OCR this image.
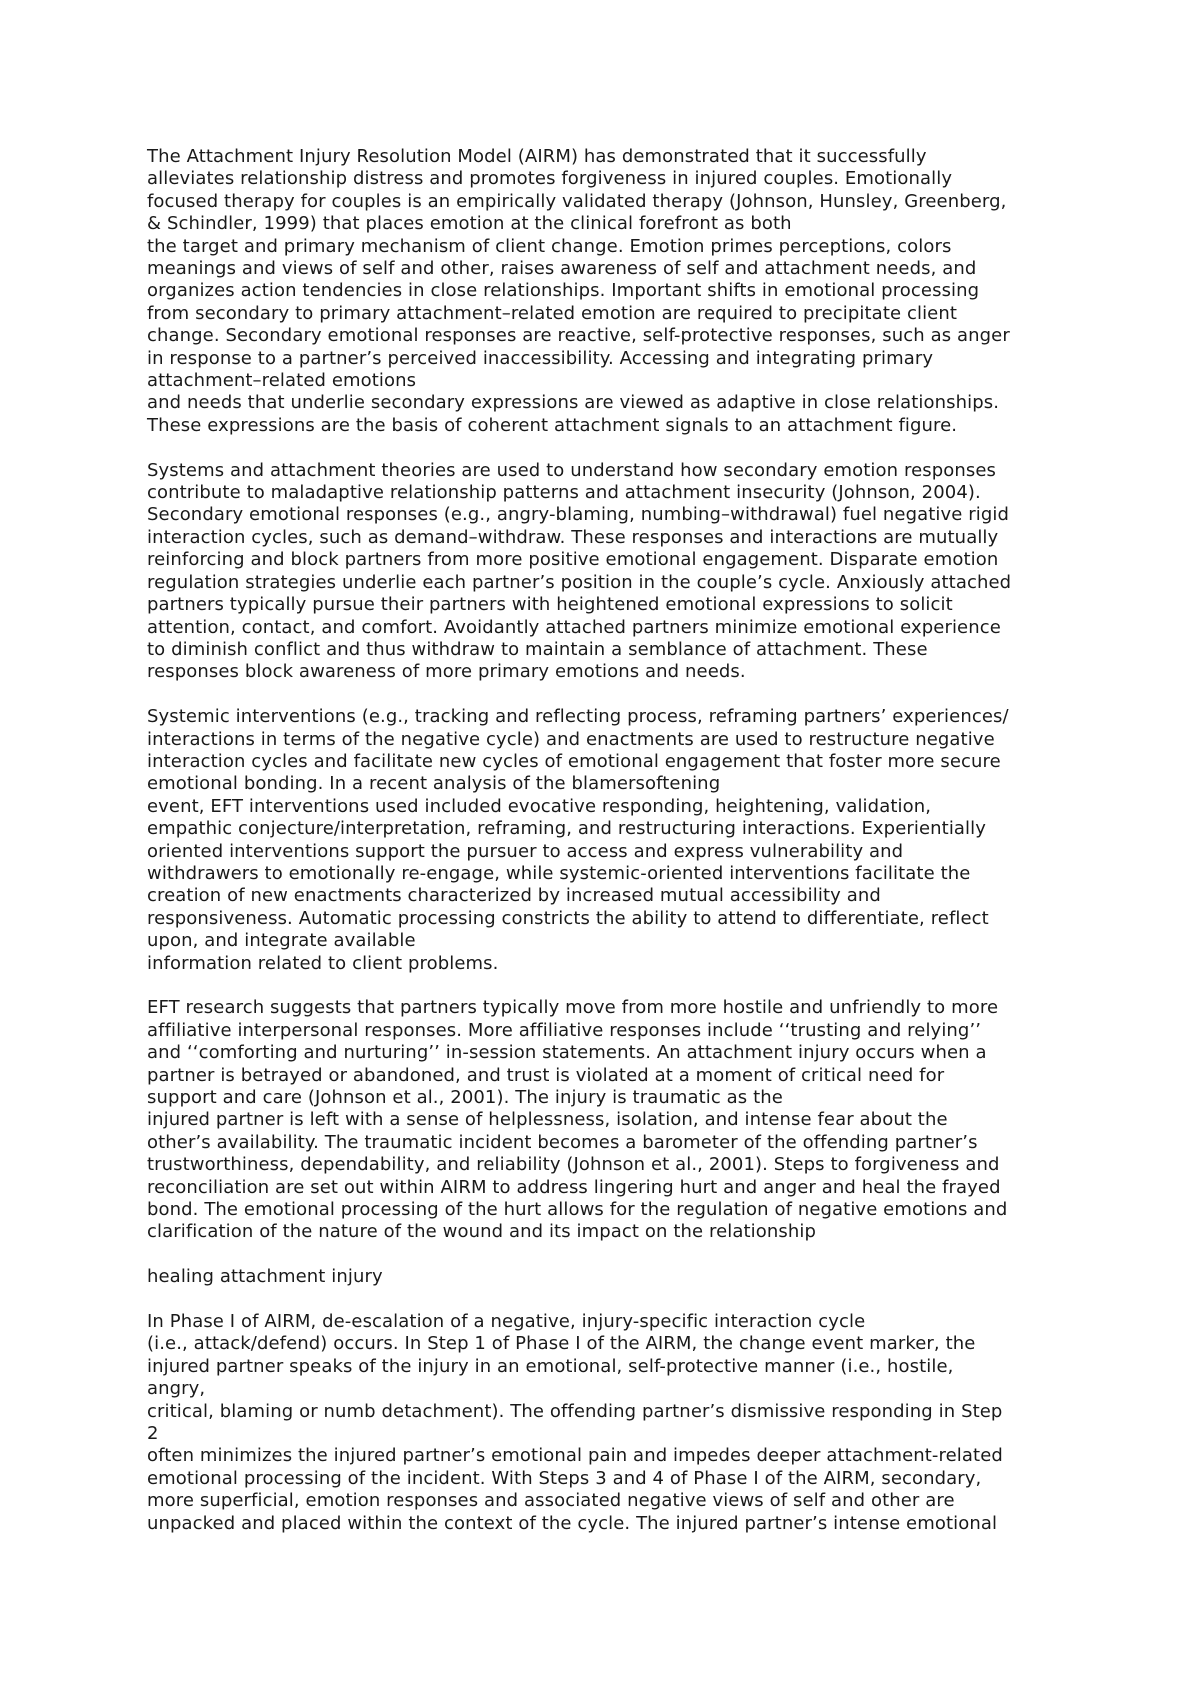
The Attachment Injury Resolution Model (AIRM) has demonstrated that it successfully
alleviates relationship distress and promotes forgiveness in injured couples. Emotionally
focused therapy for couples is an empirically validated therapy (Johnson, Hunsley, Greenberg,
& Schindler, 1999) that places emotion at the clinical forefront as both
the target and primary mechanism of client change. Emotion primes perceptions, colors
meanings and views of self and other, raises awareness of self and attachment needs, and
organizes action tendencies in close relationships. Important shifts in emotional processing
from secondary to primary attachment–related emotion are required to precipitate client
change. Secondary emotional responses are reactive, self-protective responses, such as anger
in response to a partner’s perceived inaccessibility. Accessing and integrating primary
attachment–related emotions
and needs that underlie secondary expressions are viewed as adaptive in close relationships.
These expressions are the basis of coherent attachment signals to an attachment figure.
Systems and attachment theories are used to understand how secondary emotion responses
contribute to maladaptive relationship patterns and attachment insecurity (Johnson, 2004).
Secondary emotional responses (e.g., angry-blaming, numbing–withdrawal) fuel negative rigid
interaction cycles, such as demand–withdraw. These responses and interactions are mutually
reinforcing and block partners from more positive emotional engagement. Disparate emotion
regulation strategies underlie each partner’s position in the couple’s cycle. Anxiously attached
partners typically pursue their partners with heightened emotional expressions to solicit
attention, contact, and comfort. Avoidantly attached partners minimize emotional experience
to diminish conflict and thus withdraw to maintain a semblance of attachment. These
responses block awareness of more primary emotions and needs.
Systemic interventions (e.g., tracking and reflecting process, reframing partners’ experiences/
interactions in terms of the negative cycle) and enactments are used to restructure negative
interaction cycles and facilitate new cycles of emotional engagement that foster more secure
emotional bonding. In a recent analysis of the blamersoftening
event, EFT interventions used included evocative responding, heightening, validation,
empathic conjecture/interpretation, reframing, and restructuring interactions. Experientially
oriented interventions support the pursuer to access and express vulnerability and
withdrawers to emotionally re-engage, while systemic-oriented interventions facilitate the
creation of new enactments characterized by increased mutual accessibility and
responsiveness. Automatic processing constricts the ability to attend to differentiate, reflect
upon, and integrate available
information related to client problems.
EFT research suggests that partners typically move from more hostile and unfriendly to more
affiliative interpersonal responses. More affiliative responses include ‘‘trusting and relying’’
and ‘‘comforting and nurturing’’ in-session statements. An attachment injury occurs when a
partner is betrayed or abandoned, and trust is violated at a moment of critical need for
support and care (Johnson et al., 2001). The injury is traumatic as the
injured partner is left with a sense of helplessness, isolation, and intense fear about the
other’s availability. The traumatic incident becomes a barometer of the offending partner’s
trustworthiness, dependability, and reliability (Johnson et al., 2001). Steps to forgiveness and
reconciliation are set out within AIRM to address lingering hurt and anger and heal the frayed
bond. The emotional processing of the hurt allows for the regulation of negative emotions and
clarification of the nature of the wound and its impact on the relationship
healing attachment injury
In Phase I of AIRM, de-escalation of a negative, injury-specific interaction cycle
(i.e., attack/defend) occurs. In Step 1 of Phase I of the AIRM, the change event marker, the
injured partner speaks of the injury in an emotional, self-protective manner (i.e., hostile,
angry,
critical, blaming or numb detachment). The offending partner’s dismissive responding in Step
2
often minimizes the injured partner’s emotional pain and impedes deeper attachment-related
emotional processing of the incident. With Steps 3 and 4 of Phase I of the AIRM, secondary,
more superficial, emotion responses and associated negative views of self and other are
unpacked and placed within the context of the cycle. The injured partner’s intense emotional
